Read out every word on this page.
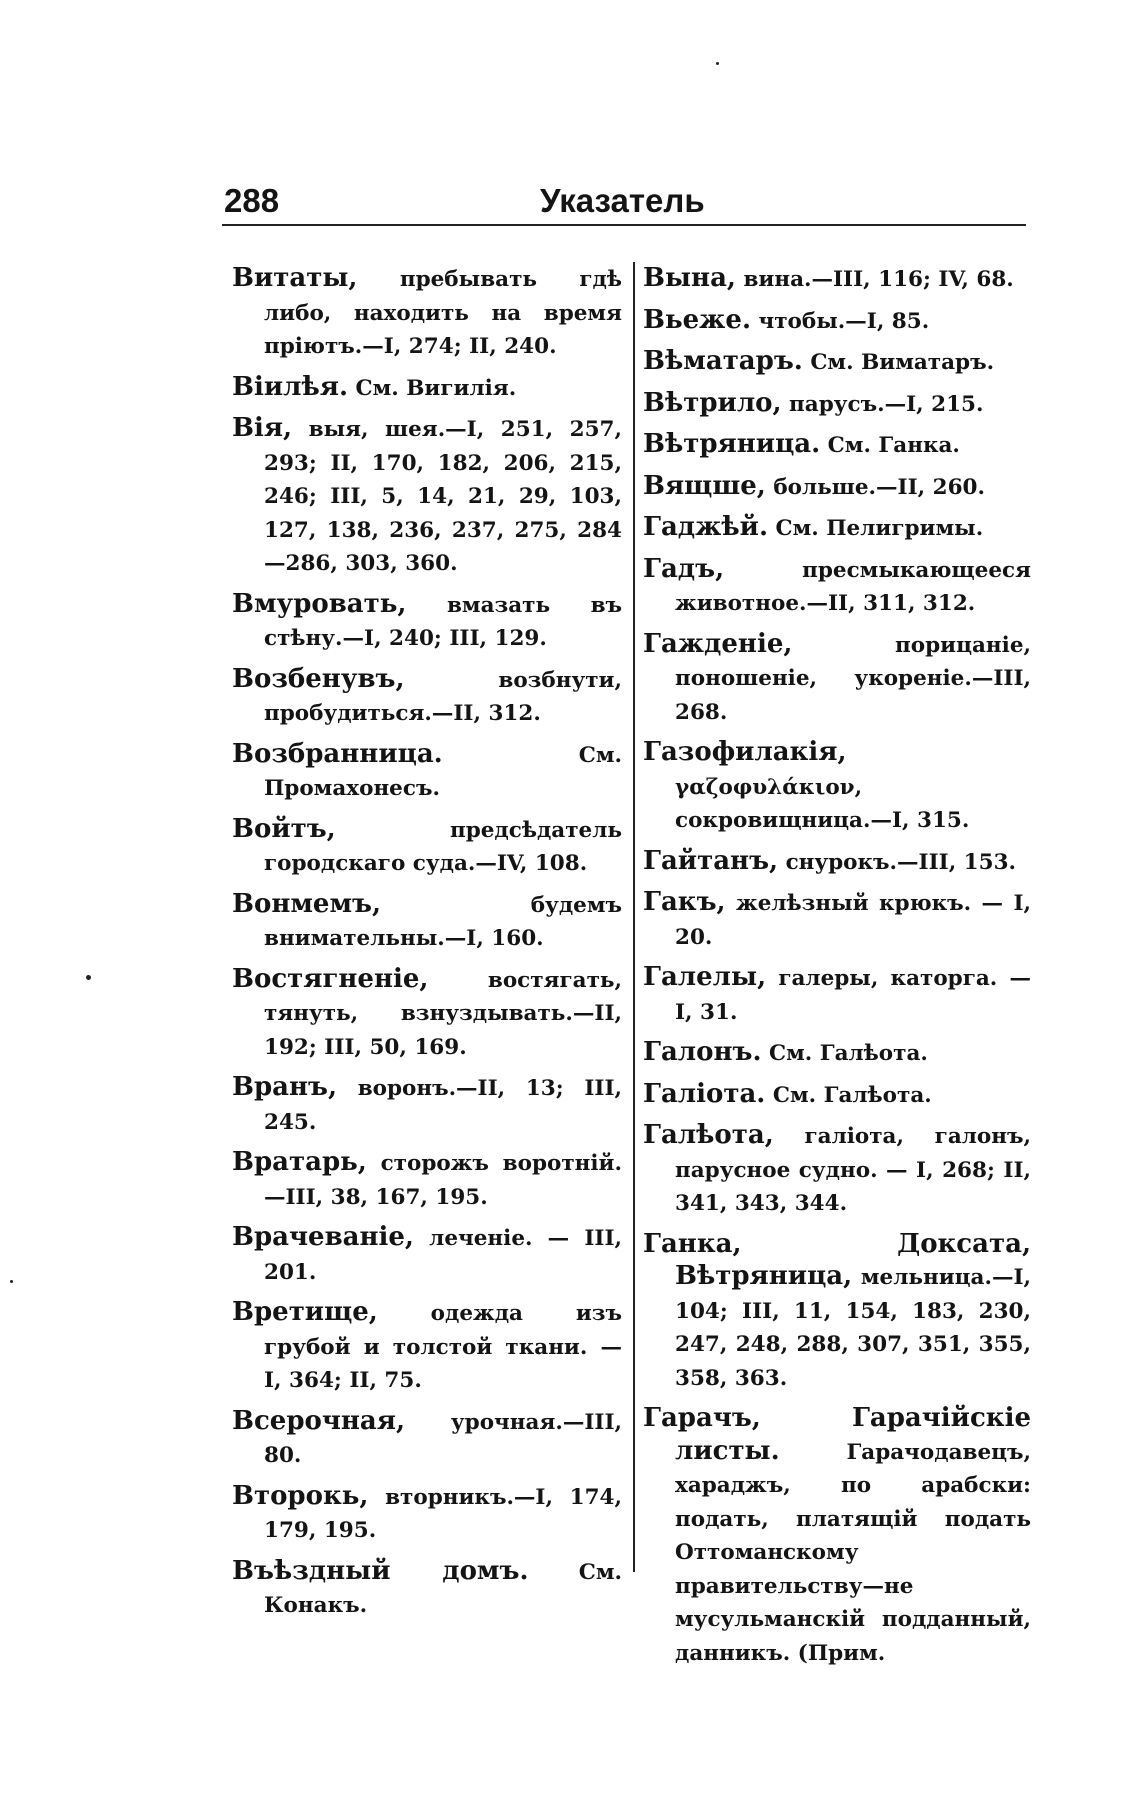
288	Указатель

Витаты, пребывать гдѣ либо, находить на время пріютъ.—I, 274; II, 240.

Віилѣя. См. Вигилія.

Вія, выя, шея.—I, 251, 257, 293; II, 170, 182, 206, 215, 246; III, 5, 14, 21, 29, 103, 127, 138, 236, 237, 275, 284—286, 303, 360.

Вмуровать, вмазать въ стѣну.—I, 240; III, 129.

Возбенувъ, возбнути, пробудиться.—II, 312.

Возбранница. См. Промахонесъ.

Войтъ, предсѣдатель городскаго суда.—IV, 108.

Вонмемъ, будемъ внимательны.—I, 160.

Востягненіе, востягать, тянуть, взнуздывать.—II, 192; III, 50, 169.

Вранъ, воронъ.—II, 13; III, 245.

Вратарь, сторожъ воротній.—III, 38, 167, 195.

Врачеваніе, леченіе. — III, 201.

Вретище, одежда изъ грубой и толстой ткани. — I, 364; II, 75.

Всерочная, урочная.—III, 80.

Второкь, вторникъ.—I, 174, 179, 195.

Въѣздный домъ. См. Конакъ.

Вына, вина.—III, 116; IV, 68.

Вьеже. чтобы.—I, 85.

Вѣматаръ. См. Виматаръ.

Вѣтрило, парусъ.—I, 215.

Вѣтряница. См. Ганка.

Вящше, больше.—II, 260.

Гаджѣй. См. Пелигримы.

Гадъ, пресмыкающееся животное.—II, 311, 312.

Гажденіе, порицаніе, поношеніе, укореніе.—III, 268.

Газофилакія, γαζοφυλάκιον, сокровищница.—I, 315.

Гайтанъ, снурокъ.—III, 153.

Гакъ, желѣзный крюкъ. — I, 20.

Галелы, галеры, каторга. — I, 31.

Галонъ. См. Галѣота.

Галіота. См. Галѣота.

Галѣота, галіота, галонъ, парусное судно. — I, 268; II, 341, 343, 344.

Ганка, Доксата, Вѣтряница, мельница.—I, 104; III, 11, 154, 183, 230, 247, 248, 288, 307, 351, 355, 358, 363.

Гарачъ, Гарачійскіе листы. Гарачодавецъ, хараджъ, по арабски: подать, платящій подать Оттоманскому правительству—не мусульманскій подданный, данникъ. (Прим.
